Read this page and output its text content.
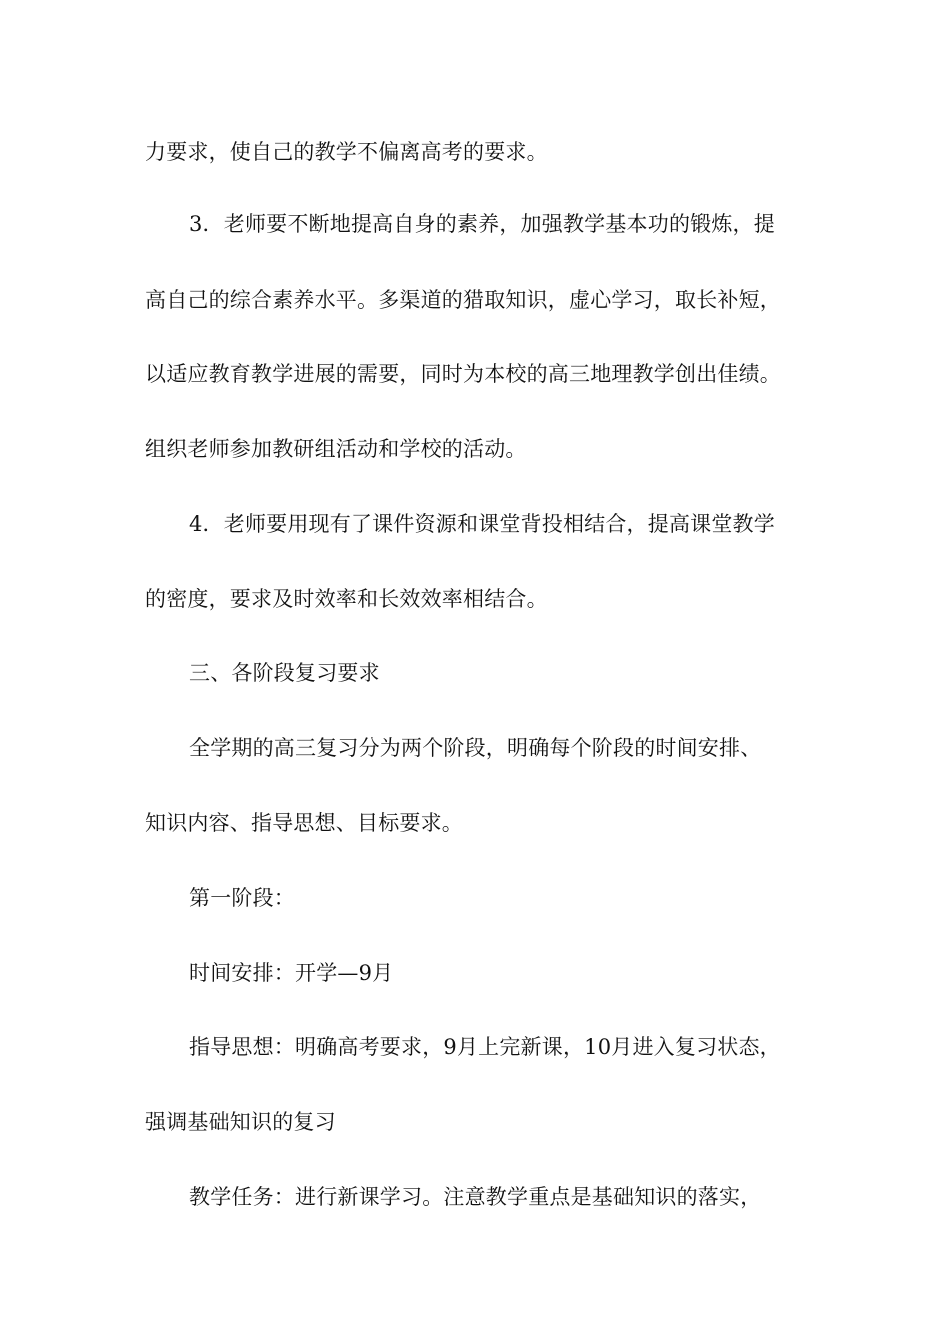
力要求，使自己的教学不偏离高考的要求。
3．老师要不断地提高自身的素养，加强教学基本功的锻炼，提
高自己的综合素养水平。多渠道的猎取知识，虚心学习，取长补短，
以适应教育教学进展的需要，同时为本校的高三地理教学创出佳绩。
组织老师参加教研组活动和学校的活动。
4．老师要用现有了课件资源和课堂背投相结合，提高课堂教学
的密度，要求及时效率和长效效率相结合。
三、各阶段复习要求
全学期的高三复习分为两个阶段，明确每个阶段的时间安排、
知识内容、指导思想、目标要求。
第一阶段：
时间安排：开学—9月
指导思想：明确高考要求，9月上完新课，10月进入复习状态，
强调基础知识的复习
教学任务：进行新课学习。注意教学重点是基础知识的落实，
